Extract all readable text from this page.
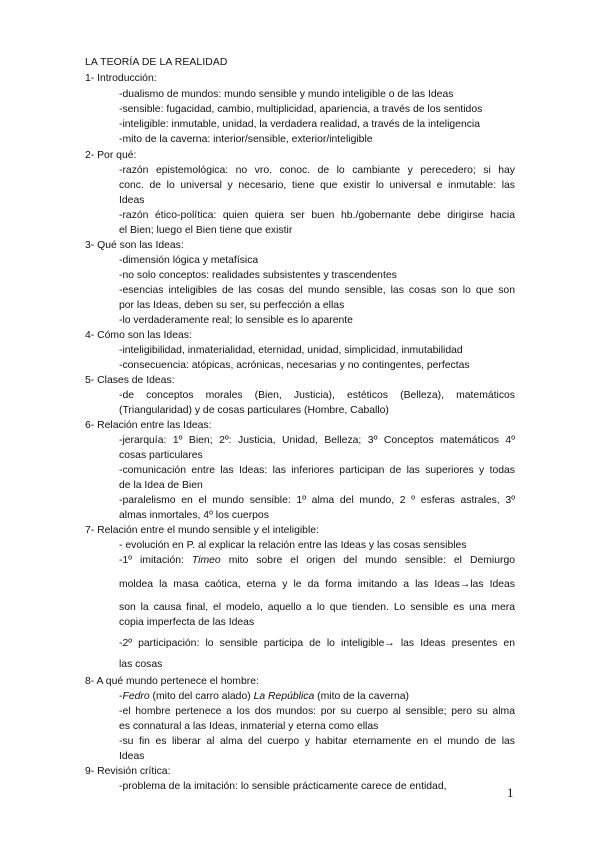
LA TEORÍA DE LA REALIDAD
1- Introducción:
-dualismo de mundos: mundo sensible y mundo inteligible o de las Ideas
-sensible: fugacidad, cambio, multiplicidad, apariencia, a través de los sentidos
-inteligible: inmutable, unidad, la verdadera realidad, a través de la inteligencia
-mito de la caverna: interior/sensible, exterior/inteligible
2- Por qué:
-razón epistemológica: no vro. conoc. de lo cambiante y perecedero; si hay
conc. de lo universal y necesario, tiene que existir lo universal e inmutable: las
Ideas
-razón ético-política: quien quiera ser buen hb./gobernante debe dirigirse hacia
el Bien; luego el Bien tiene que existir
3- Qué son las Ideas:
-dimensión lógica y metafísica
-no solo conceptos: realidades subsistentes y trascendentes
-esencias inteligibles de las cosas del mundo sensible, las cosas son lo que son
por las Ideas, deben su ser, su perfección a ellas
-lo verdaderamente real; lo sensible es lo aparente
4- Cómo son las Ideas:
-inteligibilidad, inmaterialidad, eternidad, unidad, simplicidad, inmutabilidad
-consecuencia: atópicas, acrónicas, necesarias y no contingentes, perfectas
5- Clases de Ideas:
-de conceptos morales (Bien, Justicia), estéticos (Belleza), matemáticos
(Triangularidad) y de cosas particulares (Hombre, Caballo)
6- Relación entre las Ideas:
-jerarquía: 1º Bien; 2º: Justicia, Unidad, Belleza; 3º Conceptos matemáticos 4º
cosas particulares
-comunicación entre las Ideas: las inferiores participan de las superiores y todas
de la Idea de Bien
-paralelismo en el mundo sensible: 1º alma del mundo, 2 º esferas astrales, 3º
almas inmortales, 4º los cuerpos
7- Relación entre el mundo sensible y el inteligible:
- evolución en P. al explicar la relación entre las Ideas y las cosas sensibles
-1º imitación: Timeo mito sobre el origen del mundo sensible: el Demiurgo
moldea la masa caótica, eterna y le da forma imitando a las Ideas→las Ideas
son la causa final, el modelo, aquello a lo que tienden. Lo sensible es una mera
copia imperfecta de las Ideas
-2º participación: lo sensible participa de lo inteligible→ las Ideas presentes en
las cosas
8- A qué mundo pertenece el hombre:
-Fedro (mito del carro alado) La República (mito de la caverna)
-el hombre pertenece a los dos mundos: por su cuerpo al sensible; pero su alma
es connatural a las Ideas, inmaterial y eterna como ellas
-su fin es liberar al alma del cuerpo y habitar eternamente en el mundo de las
Ideas
9- Revisión crítica:
-problema de la imitación: lo sensible prácticamente carece de entidad,	1
